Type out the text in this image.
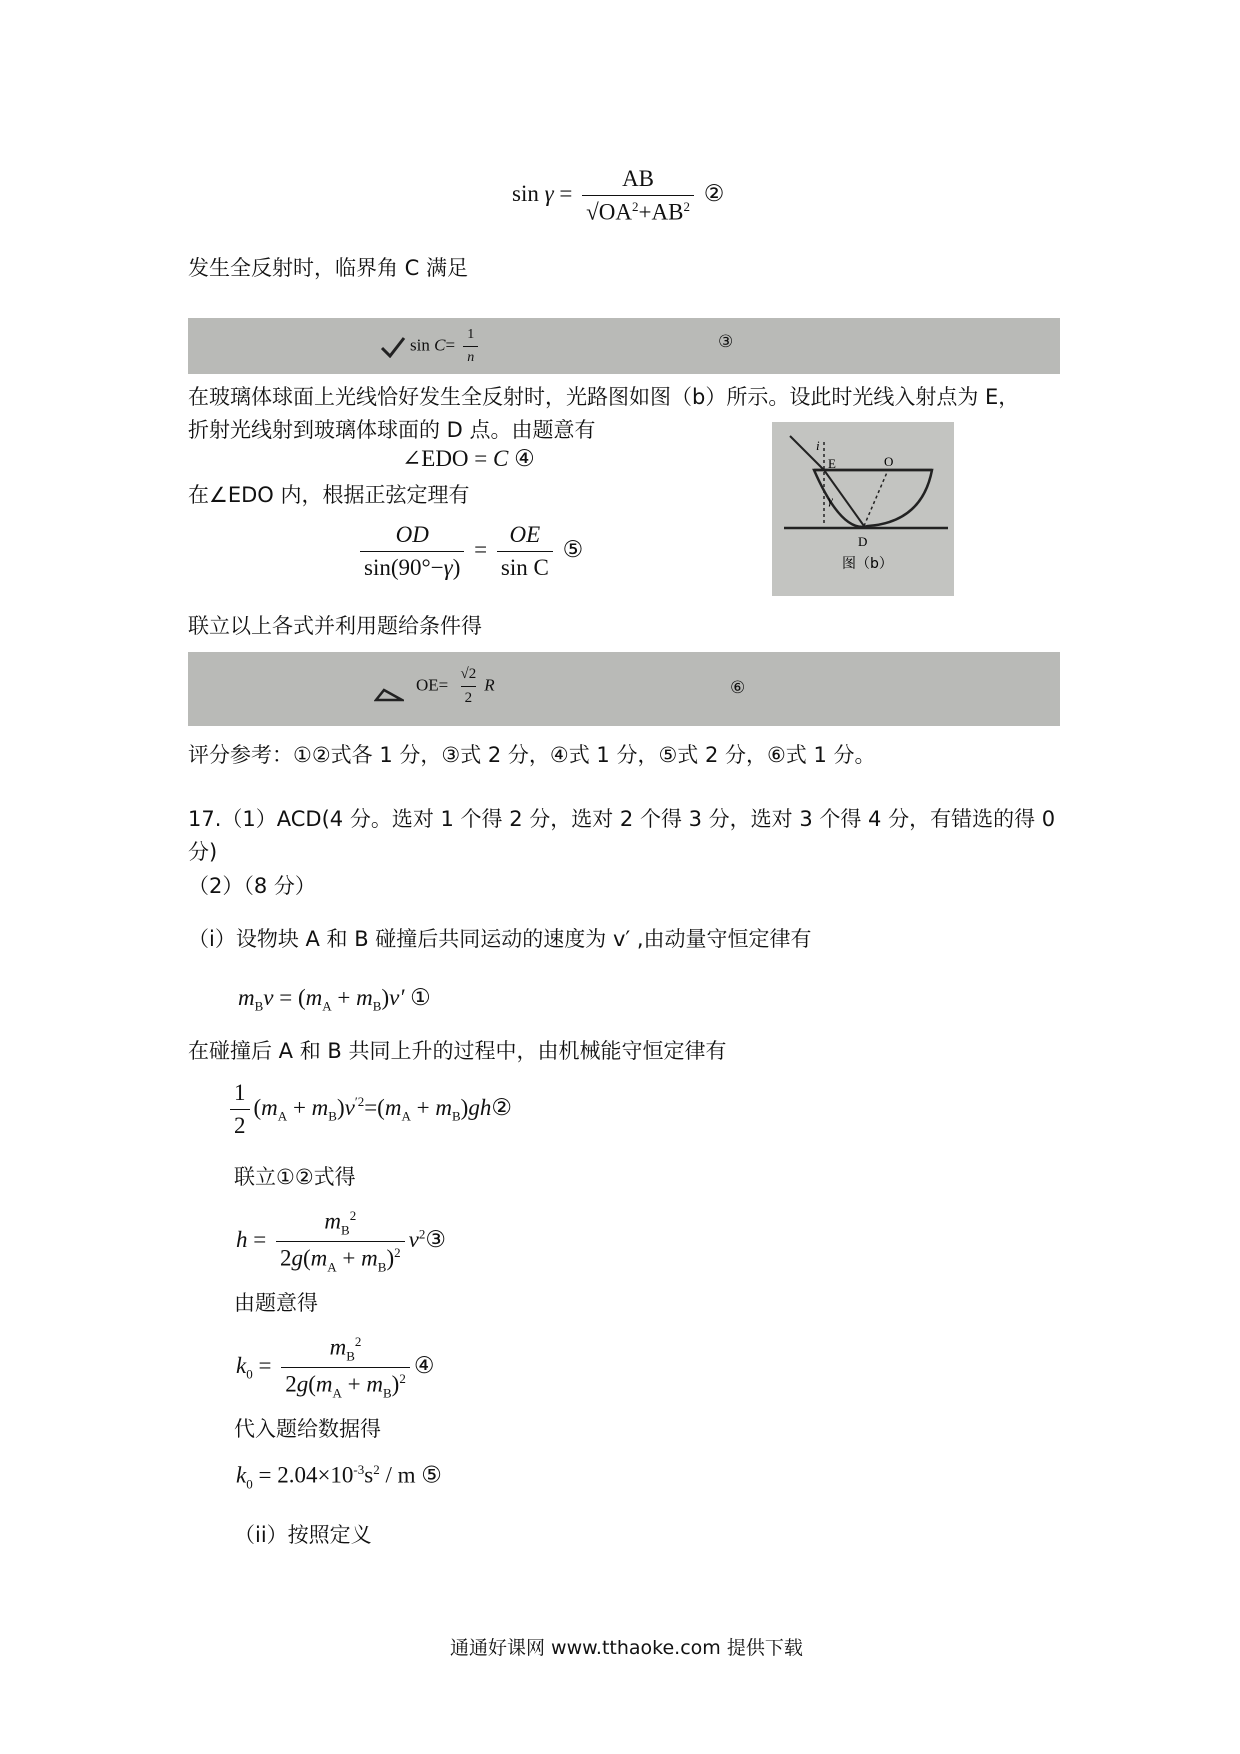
$\sin \gamma = \frac{AB}{√OA^2+AB^2}$ ②
发生全反射时，临界角 C 满足
$\sin C= \frac{1}{n}$	③
在玻璃体球面上光线恰好发生全反射时，光路图如图（b）所示。设此时光线入射点为 E，
折射光线射到玻璃体球面的 D 点。由题意有
∠EDO = C ④
在∠EDO 内，根据正弦定理有
$\frac{OD}{\sin(90^\circ-\gamma)} = \frac{OE}{\text{sin C}}$ ⑤
i
E	O
γ
D
图（b）
联立以上各式并利用题给条件得
$OE= \frac{√2}{2}$ R	⑥
评分参考：①②式各 1 分，③式 2 分，④式 1 分，⑤式 2 分，⑥式 1 分。
17.（1）ACD(4 分。选对 1 个得 2 分，选对 2 个得 3 分，选对 3 个得 4 分，有错选的得 0
分)
（2）（8 分）
（i）设物块 A 和 B 碰撞后共同运动的速度为 v′ ,由动量守恒定律有
$m_Bv = (m_A + m_B)v'$ ①
在碰撞后 A 和 B 共同上升的过程中，由机械能守恒定律有
$\frac{1}{2} (m_A + m_B)v^{'2}=(m_A$ + $m_B)gh②$
联立①②式得
$h = \frac{m_B^2}{2g(m_A + m_B)^2}$ $v^2③$
由题意得
$k_0 = \frac{m_B^2}{2g(m_A + m_B)^2}$ ④
代入题给数据得
$k_0 = 2.04\times 10^{-3}s^2 / m$ ⑤
（ii）按照定义
通通好课网 www.tthaoke.com 提供下载
